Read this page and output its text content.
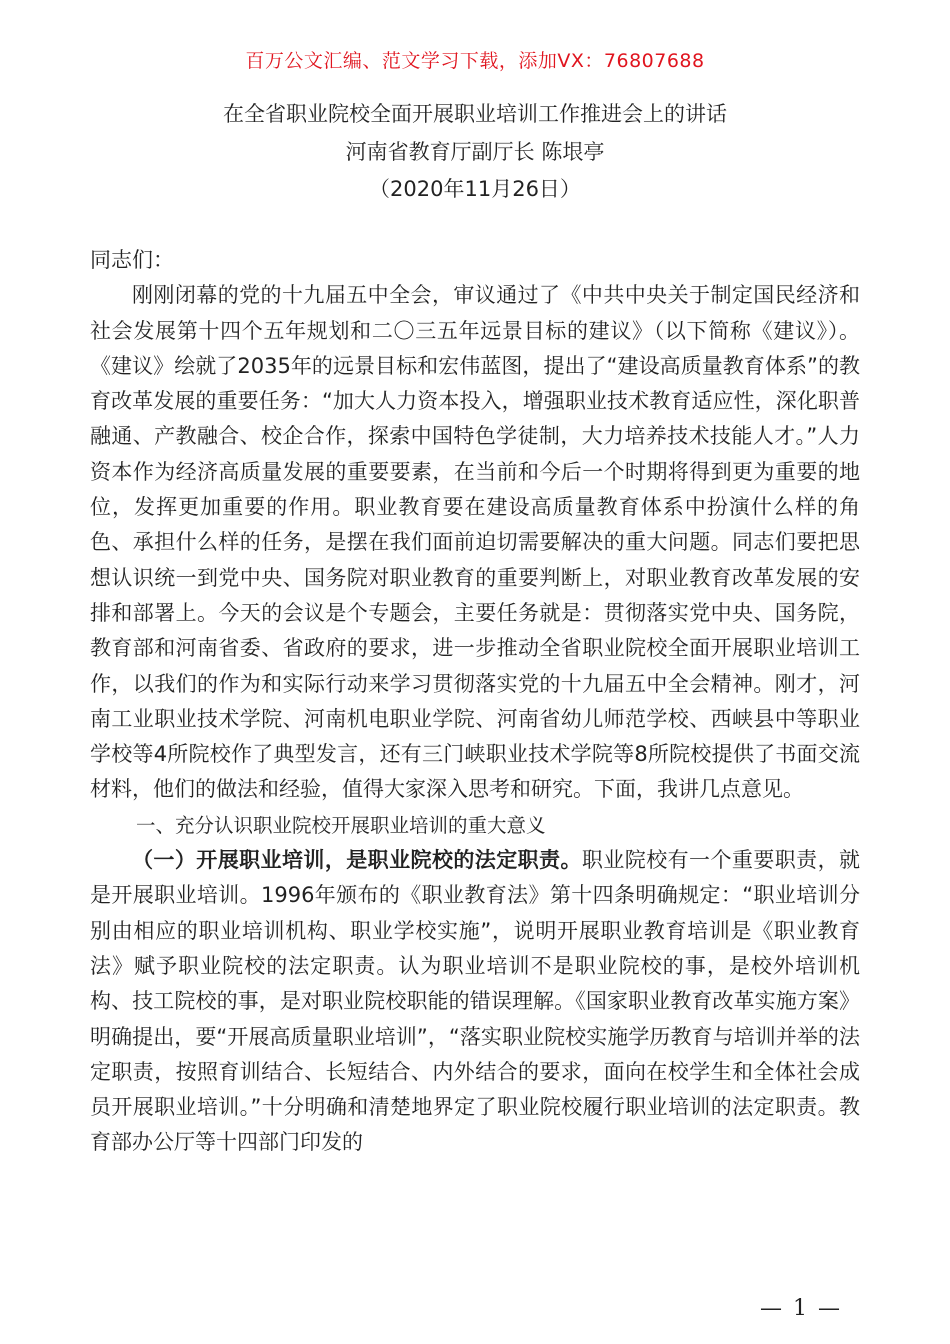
百万公文汇编、范文学习下载，添加VX：76807688
在全省职业院校全面开展职业培训工作推进会上的讲话
河南省教育厅副厅长 陈垠亭
（2020年11月26日）

同志们：

刚刚闭幕的党的十九届五中全会，审议通过了《中共中央关于制定国民经济和社会发展第十四个五年规划和二〇三五年远景目标的建议》（以下简称《建议》）。《建议》绘就了2035年的远景目标和宏伟蓝图，提出了“建设高质量教育体系”的教育改革发展的重要任务：“加大人力资本投入，增强职业技术教育适应性，深化职普融通、产教融合、校企合作，探索中国特色学徒制，大力培养技术技能人才。”人力资本作为经济高质量发展的重要要素，在当前和今后一个时期将得到更为重要的地位，发挥更加重要的作用。职业教育要在建设高质量教育体系中扮演什么样的角色、承担什么样的任务，是摆在我们面前迫切需要解决的重大问题。同志们要把思想认识统一到党中央、国务院对职业教育的重要判断上，对职业教育改革发展的安排和部署上。今天的会议是个专题会，主要任务就是：贯彻落实党中央、国务院，教育部和河南省委、省政府的要求，进一步推动全省职业院校全面开展职业培训工作，以我们的作为和实际行动来学习贯彻落实党的十九届五中全会精神。刚才，河南工业职业技术学院、河南机电职业学院、河南省幼儿师范学校、西峡县中等职业学校等4所院校作了典型发言，还有三门峡职业技术学院等8所院校提供了书面交流材料，他们的做法和经验，值得大家深入思考和研究。下面，我讲几点意见。

一、充分认识职业院校开展职业培训的重大意义

（一）开展职业培训，是职业院校的法定职责。职业院校有一个重要职责，就是开展职业培训。1996年颁布的《职业教育法》第十四条明确规定：“职业培训分别由相应的职业培训机构、职业学校实施”，说明开展职业教育培训是《职业教育法》赋予职业院校的法定职责。认为职业培训不是职业院校的事，是校外培训机构、技工院校的事，是对职业院校职能的错误理解。《国家职业教育改革实施方案》明确提出，要“开展高质量职业培训”，“落实职业院校实施学历教育与培训并举的法定职责，按照育训结合、长短结合、内外结合的要求，面向在校学生和全体社会成员开展职业培训。”十分明确和清楚地界定了职业院校履行职业培训的法定职责。教育部办公厅等十四部门印发的

— 1 —
